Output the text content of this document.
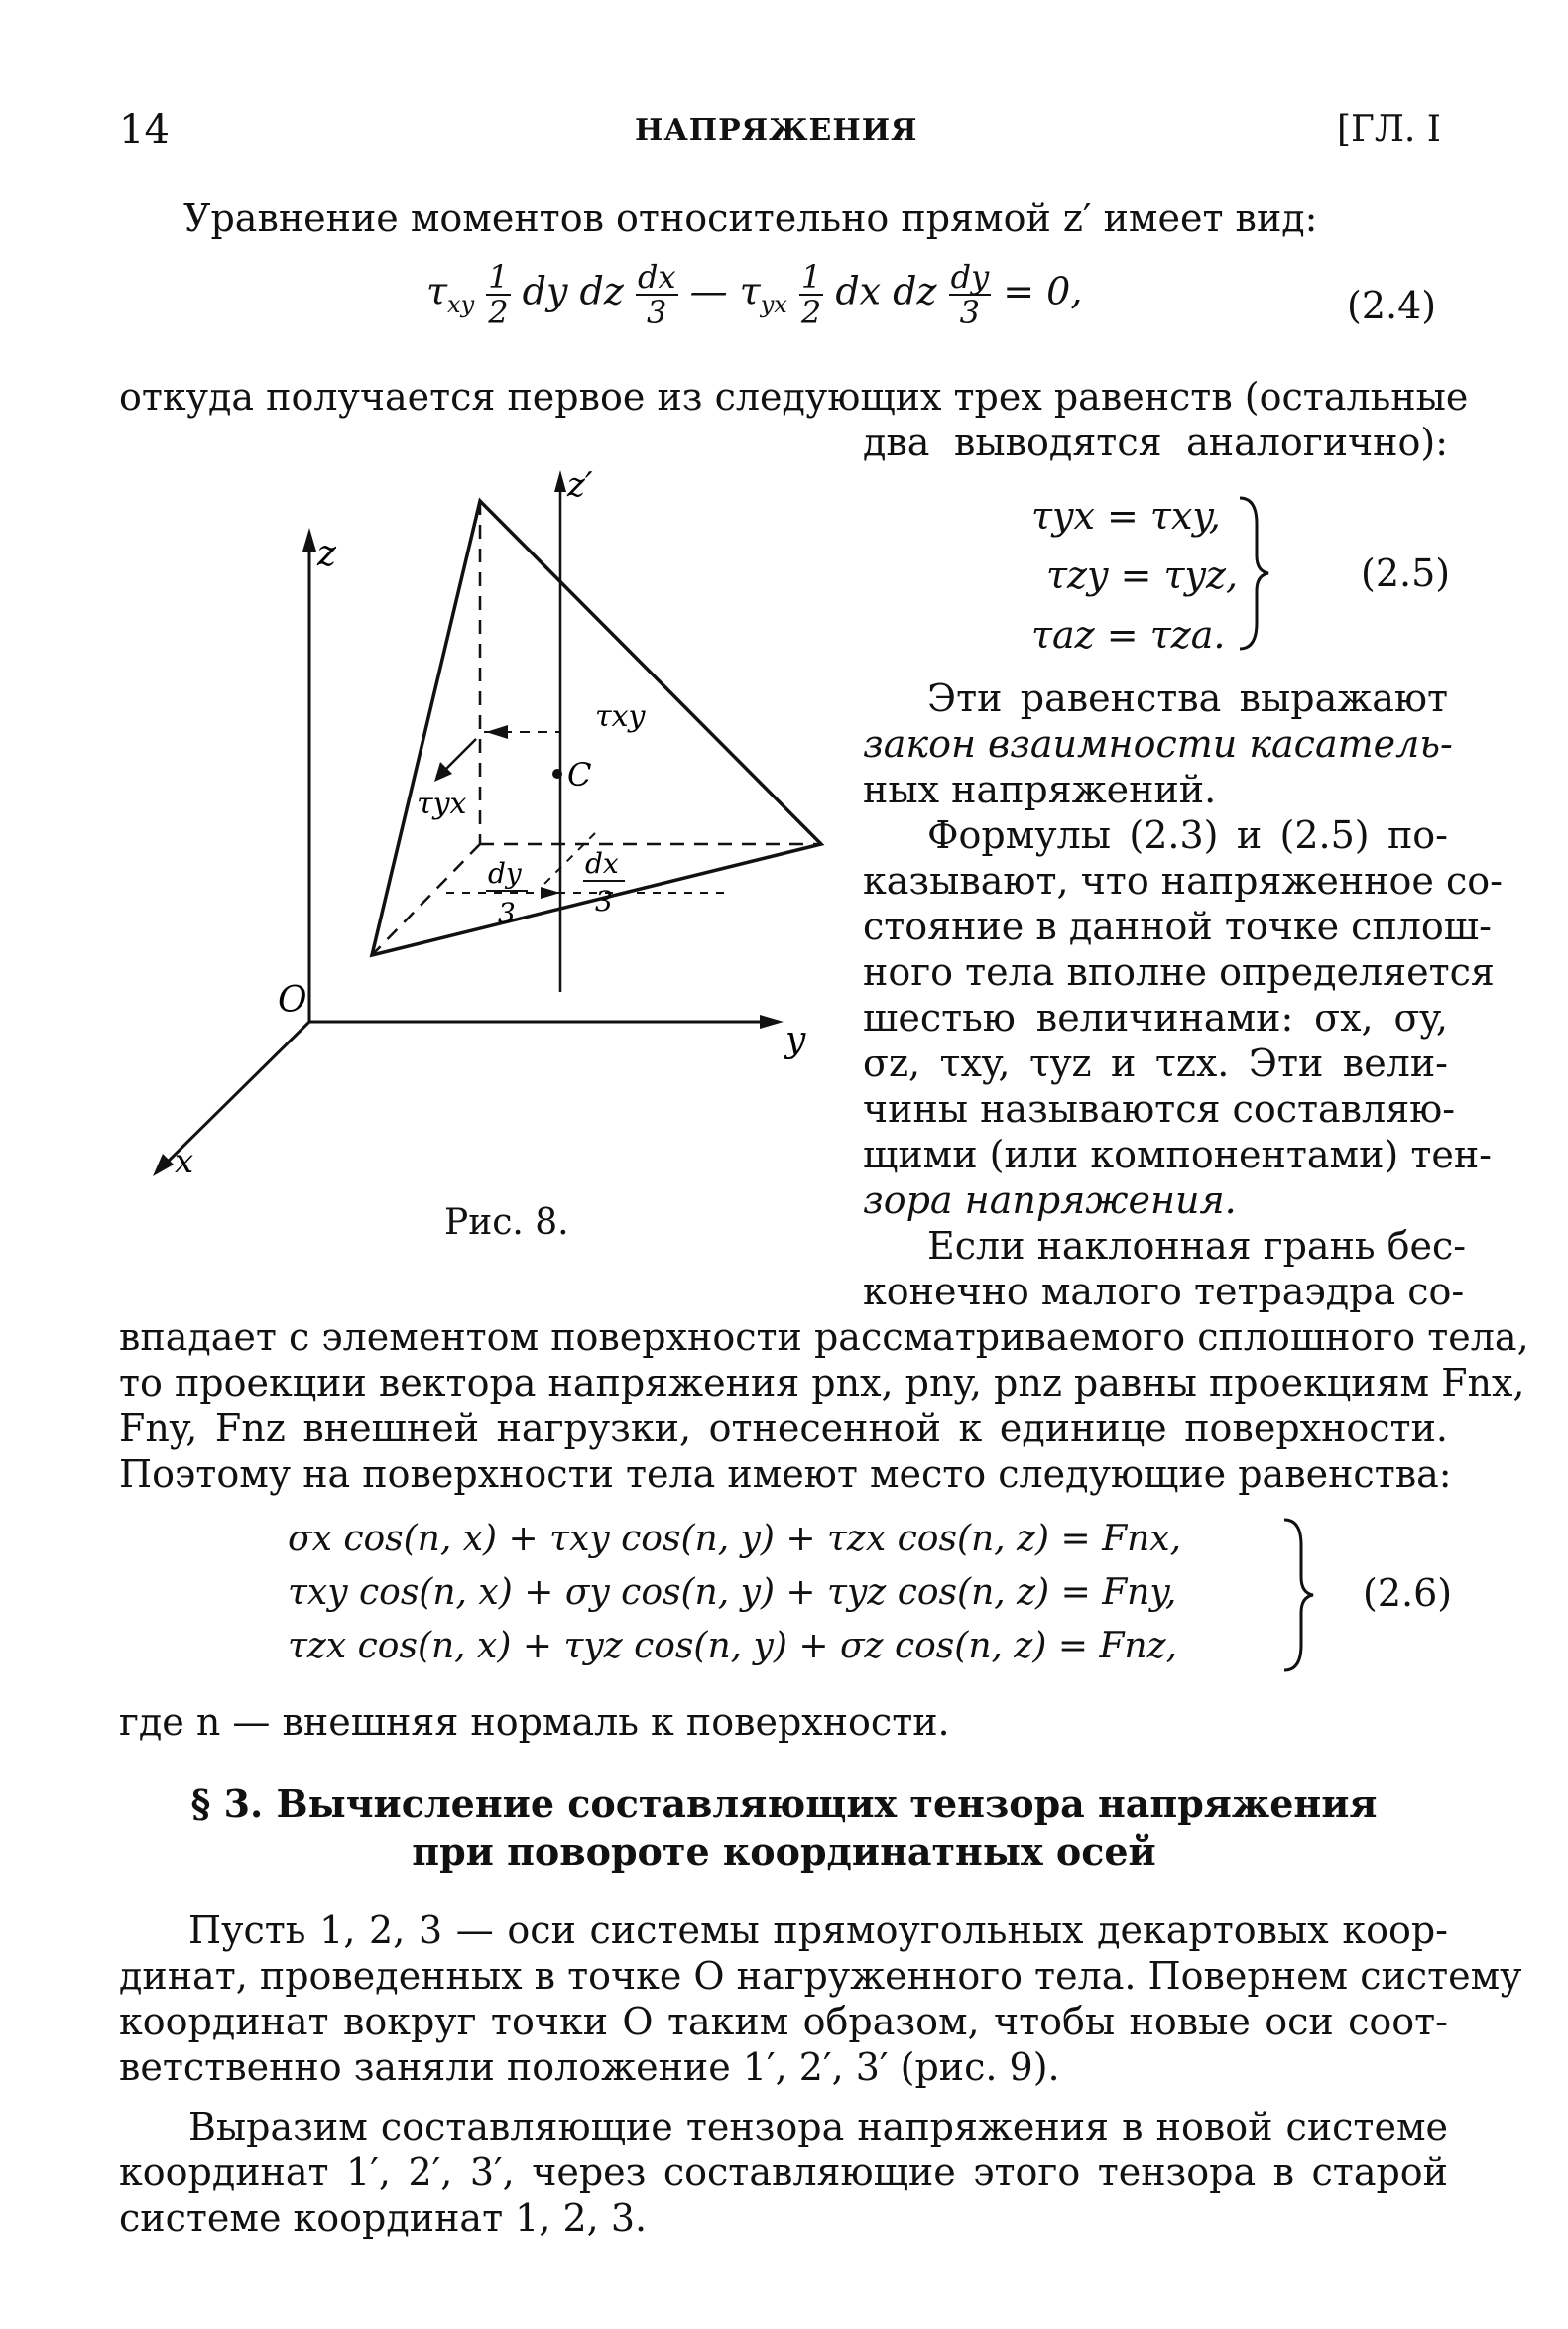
14	НАПРЯЖЕНИЯ	[ГЛ. I
Уравнение моментов относительно прямой z′ имеет вид:
$\tau_{xy} \frac{1}{2}$ dy dz $\frac{dx}{3}$ — $\tau_{yx} \frac{1}{2}$ dx dz $\frac{dy}{3} = 0$,	(2.4)
откуда получается первое из следующих трех равенств (остальные
два выводятся аналогично):
τyx = τxy,
τzy = τyz,
τaz = τza.
(2.5)
Эти равенства выражают
закон взаимности касатель-
ных напряжений.
Формулы (2.3) и (2.5) по-
казывают, что напряженное со-
стояние в данной точке сплош-
ного тела вполне определяется
шестью величинами: σx, σy,
σz, τxy, τyz и τzx. Эти вели-
чины называются составляю-
щими (или компонентами) тен-
зора напряжения.
Если наклонная грань бес-
конечно малого тетраэдра со-
z
y
x
O
z′
C
τxy
τyx
dy
3
dx
3
Рис. 8.
впадает с элементом поверхности рассматриваемого сплошного тела,
то проекции вектора напряжения pnx, pny, pnz равны проекциям Fnx,
Fny, Fnz внешней нагрузки, отнесенной к единице поверхности.
Поэтому на поверхности тела имеют место следующие равенства:
σx cos(n, x) + τxy cos(n, y) + τzx cos(n, z) = Fnx,
τxy cos(n, x) + σy cos(n, y) + τyz cos(n, z) = Fny,
τzx cos(n, x) + τyz cos(n, y) + σz cos(n, z) = Fnz,
(2.6)
где n — внешняя нормаль к поверхности.
§ 3. Вычисление составляющих тензора напряжения
при повороте координатных осей
Пусть 1, 2, 3 — оси системы прямоугольных декартовых коор-
динат, проведенных в точке O нагруженного тела. Повернем систему
координат вокруг точки O таким образом, чтобы новые оси соот-
ветственно заняли положение 1′, 2′, 3′ (рис. 9).
Выразим составляющие тензора напряжения в новой системе
координат 1′, 2′, 3′, через составляющие этого тензора в старой
системе координат 1, 2, 3.
